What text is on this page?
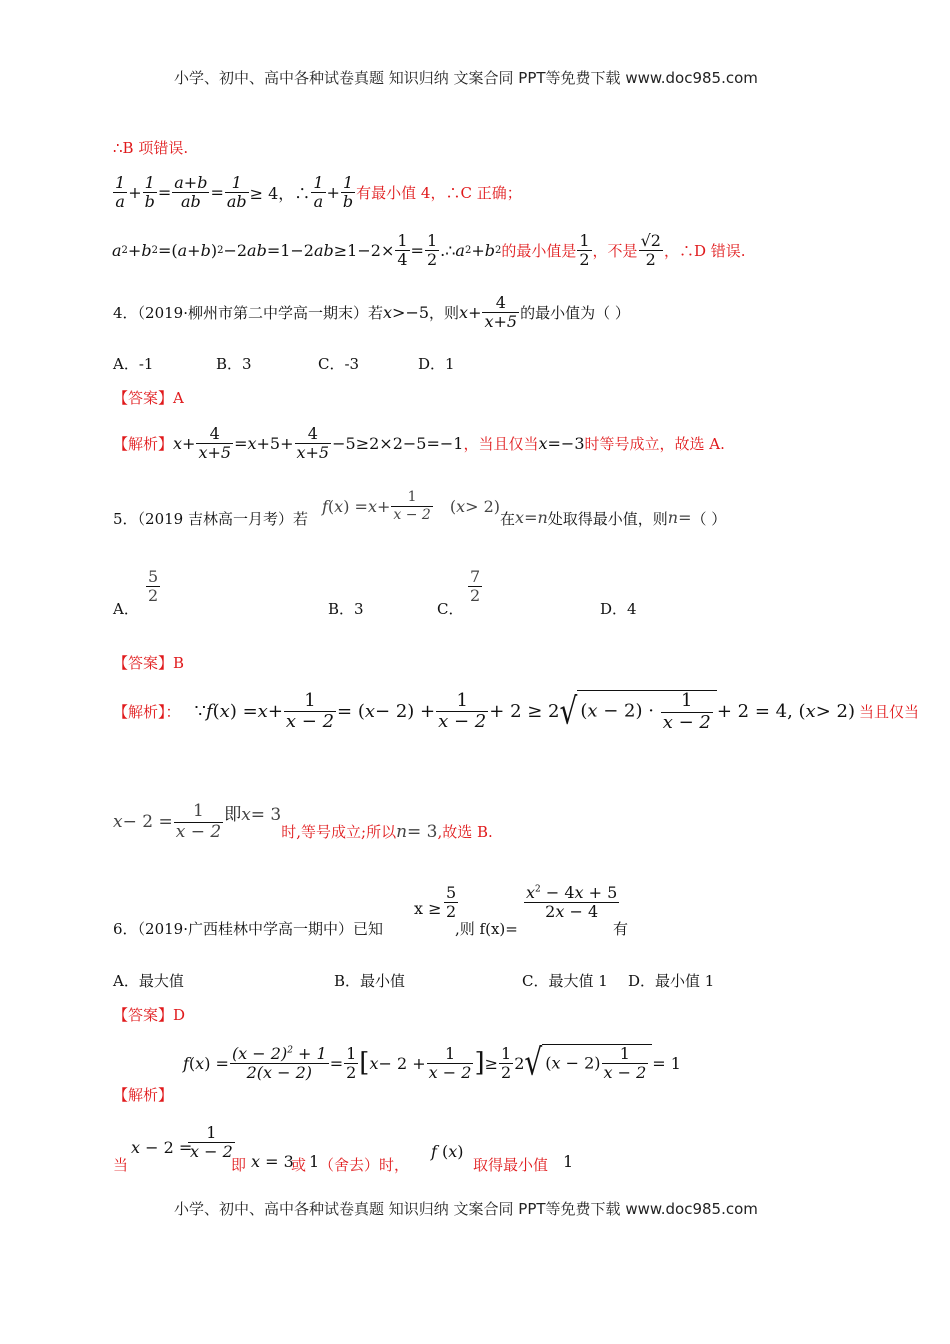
小学、初中、高中各种试卷真题 知识归纳 文案合同 PPT等免费下载 www.doc985.com
∴B 项错误.
$\frac{1}{a} + \frac{1}{b} = \frac{a+b}{ab} = \frac{1}{ab} \ge 4$，∴ $\frac{1}{a} + \frac{1}{b}$ 有最小值 4，∴C 正确；
a 2 + b 2 =( a + b ) 2 −2 ab =1−2 ab $\ge 1-2\times \frac{1}{4} = \frac{1}{2}$ .∴ a 2 + b 2 的最小值是 $\frac{1}{2}$ ，不是 $\frac{√2}{2}$ ，∴D 错误.
4．（2019·柳州市第二中学高一期末）若 x >−5 ，则 $x + \frac{4}{x+5}$ 的最小值为（ ）
A．-1	B．3	C．-3	D．1
【答案】A
【解析】 $x + \frac{4}{x+5} = x +5+ \frac{4}{x+5} -5\ge 2\times 2-5=-1$ ，当且仅当 x =−3 时等号成立，故选 A.
5．（2019 吉林高一月考）若
f ( x ) = $x + \frac{1}{x - 2}$ ( x > 2)
在 x = n 处取得最小值，则 n = （ ）
A．
$\frac{5}{2}$
B．3	C．
$\frac{7}{2}$
D．4
【答案】B
【解析】： ∵ f ( x ) = $x + \frac{1}{x - 2}$ = ( $x - 2) + \frac{1}{x - 2} + 2 \ge 2$ √ $(x - 2) \cdot \frac{1}{x - 2} + 2 = 4$, ( x > 2) 当且仅当
$x - 2 = \frac{1}{x - 2}$ 即 x = 3
时,等号成立;所以 n = 3 ,故选 B.
6．（2019·广西桂林中学高一期中）已知
$x \ge \frac{5}{2}$
,则 f(x)=
$\frac{x^2 - 4x + 5}{2x - 4}$
有
A．最大值	B．最小值	C．最大值 1 D．最小值 1
【答案】D
f ( x ) = $\frac{(x - 2)^2 + 1}{2(x - 2)} = \frac{1}{2}$ [ $x - 2 + \frac{1}{x - 2}$ ] ≥ $\frac{1}{2} 2$ √ $(x - 2) \frac{1}{x - 2} = 1$
【解析】
当
x − 2 =
$\frac{1}{x - 2}$
即 x = 3
或 1 （舍去）时，
f (x)
取得最小值 1
小学、初中、高中各种试卷真题 知识归纳 文案合同 PPT等免费下载 www.doc985.com
